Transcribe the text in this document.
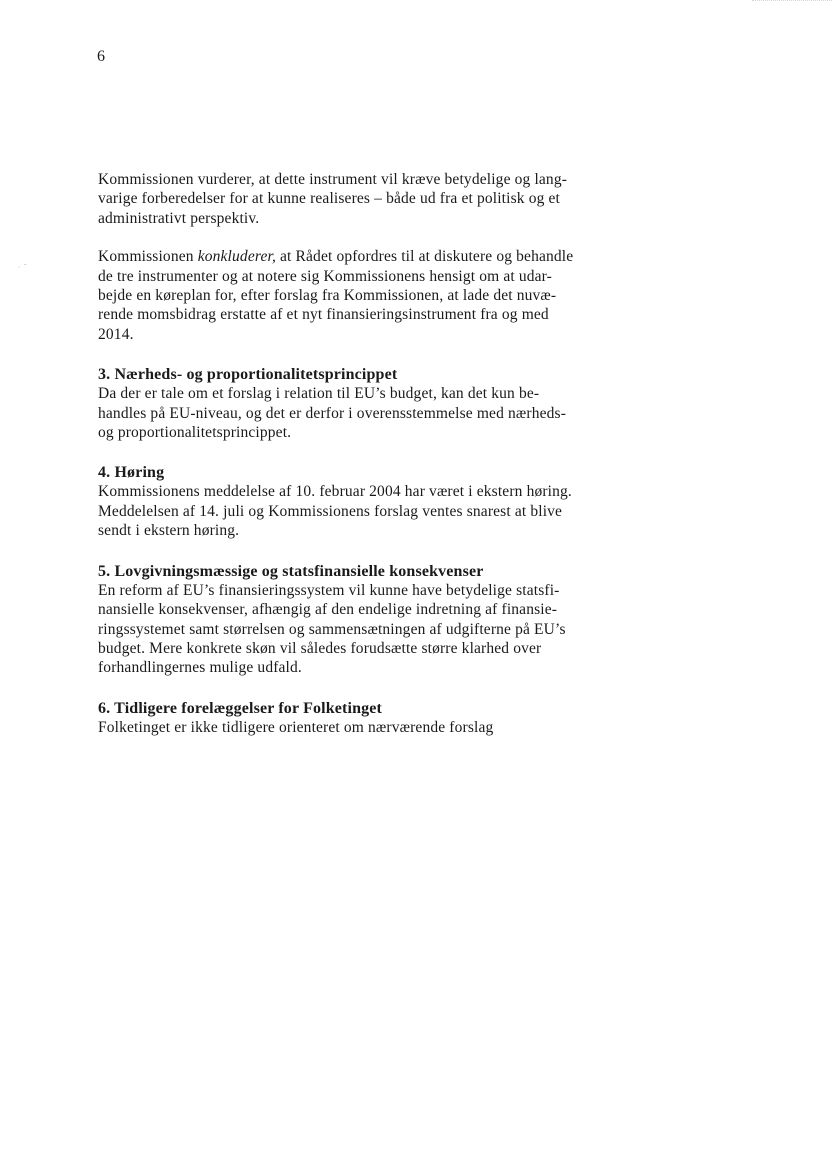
· ˘
6

Kommissionen vurderer, at dette instrument vil kræve betydelige og lang-
varige forberedelser for at kunne realiseres – både ud fra et politisk og et
administrativt perspektiv.

Kommissionen konkluderer, at Rådet opfordres til at diskutere og behandle
de tre instrumenter og at notere sig Kommissionens hensigt om at udar-
bejde en køreplan for, efter forslag fra Kommissionen, at lade det nuvæ-
rende momsbidrag erstatte af et nyt finansieringsinstrument fra og med
2014.

3. Nærheds- og proportionalitetsprincippet

Da der er tale om et forslag i relation til EU’s budget, kan det kun be-
handles på EU-niveau, og det er derfor i overensstemmelse med nærheds-
og proportionalitetsprincippet.

4. Høring

Kommissionens meddelelse af 10. februar 2004 har været i ekstern høring.
Meddelelsen af 14. juli og Kommissionens forslag ventes snarest at blive
sendt i ekstern høring.

5. Lovgivningsmæssige og statsfinansielle konsekvenser

En reform af EU’s finansieringssystem vil kunne have betydelige statsfi-
nansielle konsekvenser, afhængig af den endelige indretning af finansie-
ringssystemet samt størrelsen og sammensætningen af udgifterne på EU’s
budget. Mere konkrete skøn vil således forudsætte større klarhed over
forhandlingernes mulige udfald.

6. Tidligere forelæggelser for Folketinget

Folketinget er ikke tidligere orienteret om nærværende forslag
